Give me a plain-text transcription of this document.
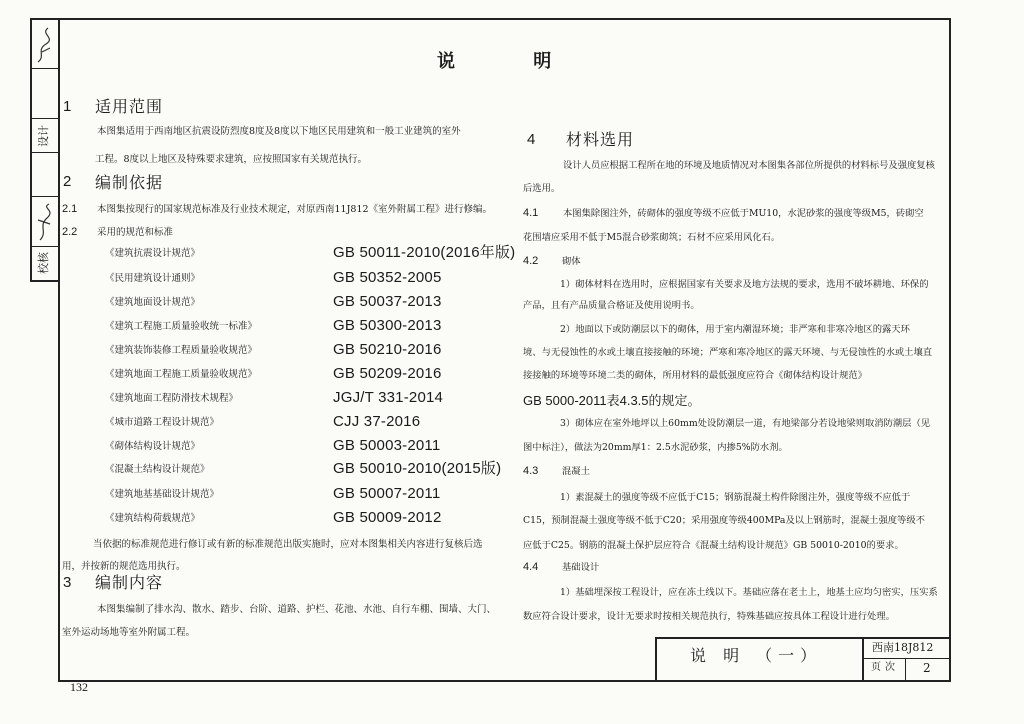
设计
校核
说 明
1 适用范围
本图集适用于西南地区抗震设防烈度8度及8度以下地区民用建筑和一般工业建筑的室外
工程。8度以上地区及特殊要求建筑，应按照国家有关规范执行。
2 编制依据
2.1 本图集按现行的国家规范标准及行业技术规定，对原西南11J812《室外附属工程》进行修编。
2.2 采用的规范和标准
《建筑抗震设计规范》	GB 50011-2010(2016年版)
《民用建筑设计通则》	GB 50352-2005
《建筑地面设计规范》	GB 50037-2013
《建筑工程施工质量验收统一标准》	GB 50300-2013
《建筑装饰装修工程质量验收规范》	GB 50210-2016
《建筑地面工程施工质量验收规范》	GB 50209-2016
《建筑地面工程防滑技术规程》	JGJ/T 331-2014
《城市道路工程设计规范》	CJJ 37-2016
《砌体结构设计规范》	GB 50003-2011
《混凝土结构设计规范》	GB 50010-2010(2015版)
《建筑地基基础设计规范》	GB 50007-2011
《建筑结构荷载规范》	GB 50009-2012
当依据的标准规范进行修订或有新的标准规范出版实施时，应对本图集相关内容进行复核后选
用，并按新的规范选用执行。
3 编制内容
本图集编制了排水沟、散水、踏步、台阶、道路、护栏、花池、水池、自行车棚、围墙、大门、
室外运动场地等室外附属工程。
4 材料选用
设计人员应根据工程所在地的环境及地质情况对本图集各部位所提供的材料标号及强度复核
后选用。
4.1	本图集除图注外，砖砌体的强度等级不应低于MU10，水泥砂浆的强度等级M5，砖砌空
花围墙应采用不低于M5混合砂浆砌筑；石材不应采用风化石。
4.2	砌体
1）砌体材料在选用时，应根据国家有关要求及地方法规的要求，选用不破坏耕地、环保的
产品，且有产品质量合格证及使用说明书。
2）地面以下或防潮层以下的砌体，用于室内潮湿环境；非严寒和非寒冷地区的露天环
境、与无侵蚀性的水或土壤直接接触的环境；严寒和寒冷地区的露天环境、与无侵蚀性的水或土壤直
接接触的环境等环境二类的砌体，所用材料的最低强度应符合《砌体结构设计规范》
GB 5000-2011表4.3.5的规定。
3）砌体应在室外地坪以上60mm处设防潮层一道，有地梁部分若设地梁则取消防潮层（见
图中标注），做法为20mm厚1：2.5水泥砂浆，内掺5%防水剂。
4.3	混凝土
1）素混凝土的强度等级不应低于C15；钢筋混凝土构件除图注外，强度等级不应低于
C15，预制混凝土强度等级不低于C20；采用强度等级400MPa及以上钢筋时，混凝土强度等级不
应低于C25。钢筋的混凝土保护层应符合《混凝土结构设计规范》GB 50010-2010的要求。
4.4	基础设计
1）基础埋深按工程设计，应在冻土线以下。基础应落在老土上，地基土应均匀密实，压实系
数应符合设计要求，设计无要求时按相关规范执行，特殊基础应按具体工程设计进行处理。
说 明 （一）	西南18J812
页次 2
132
